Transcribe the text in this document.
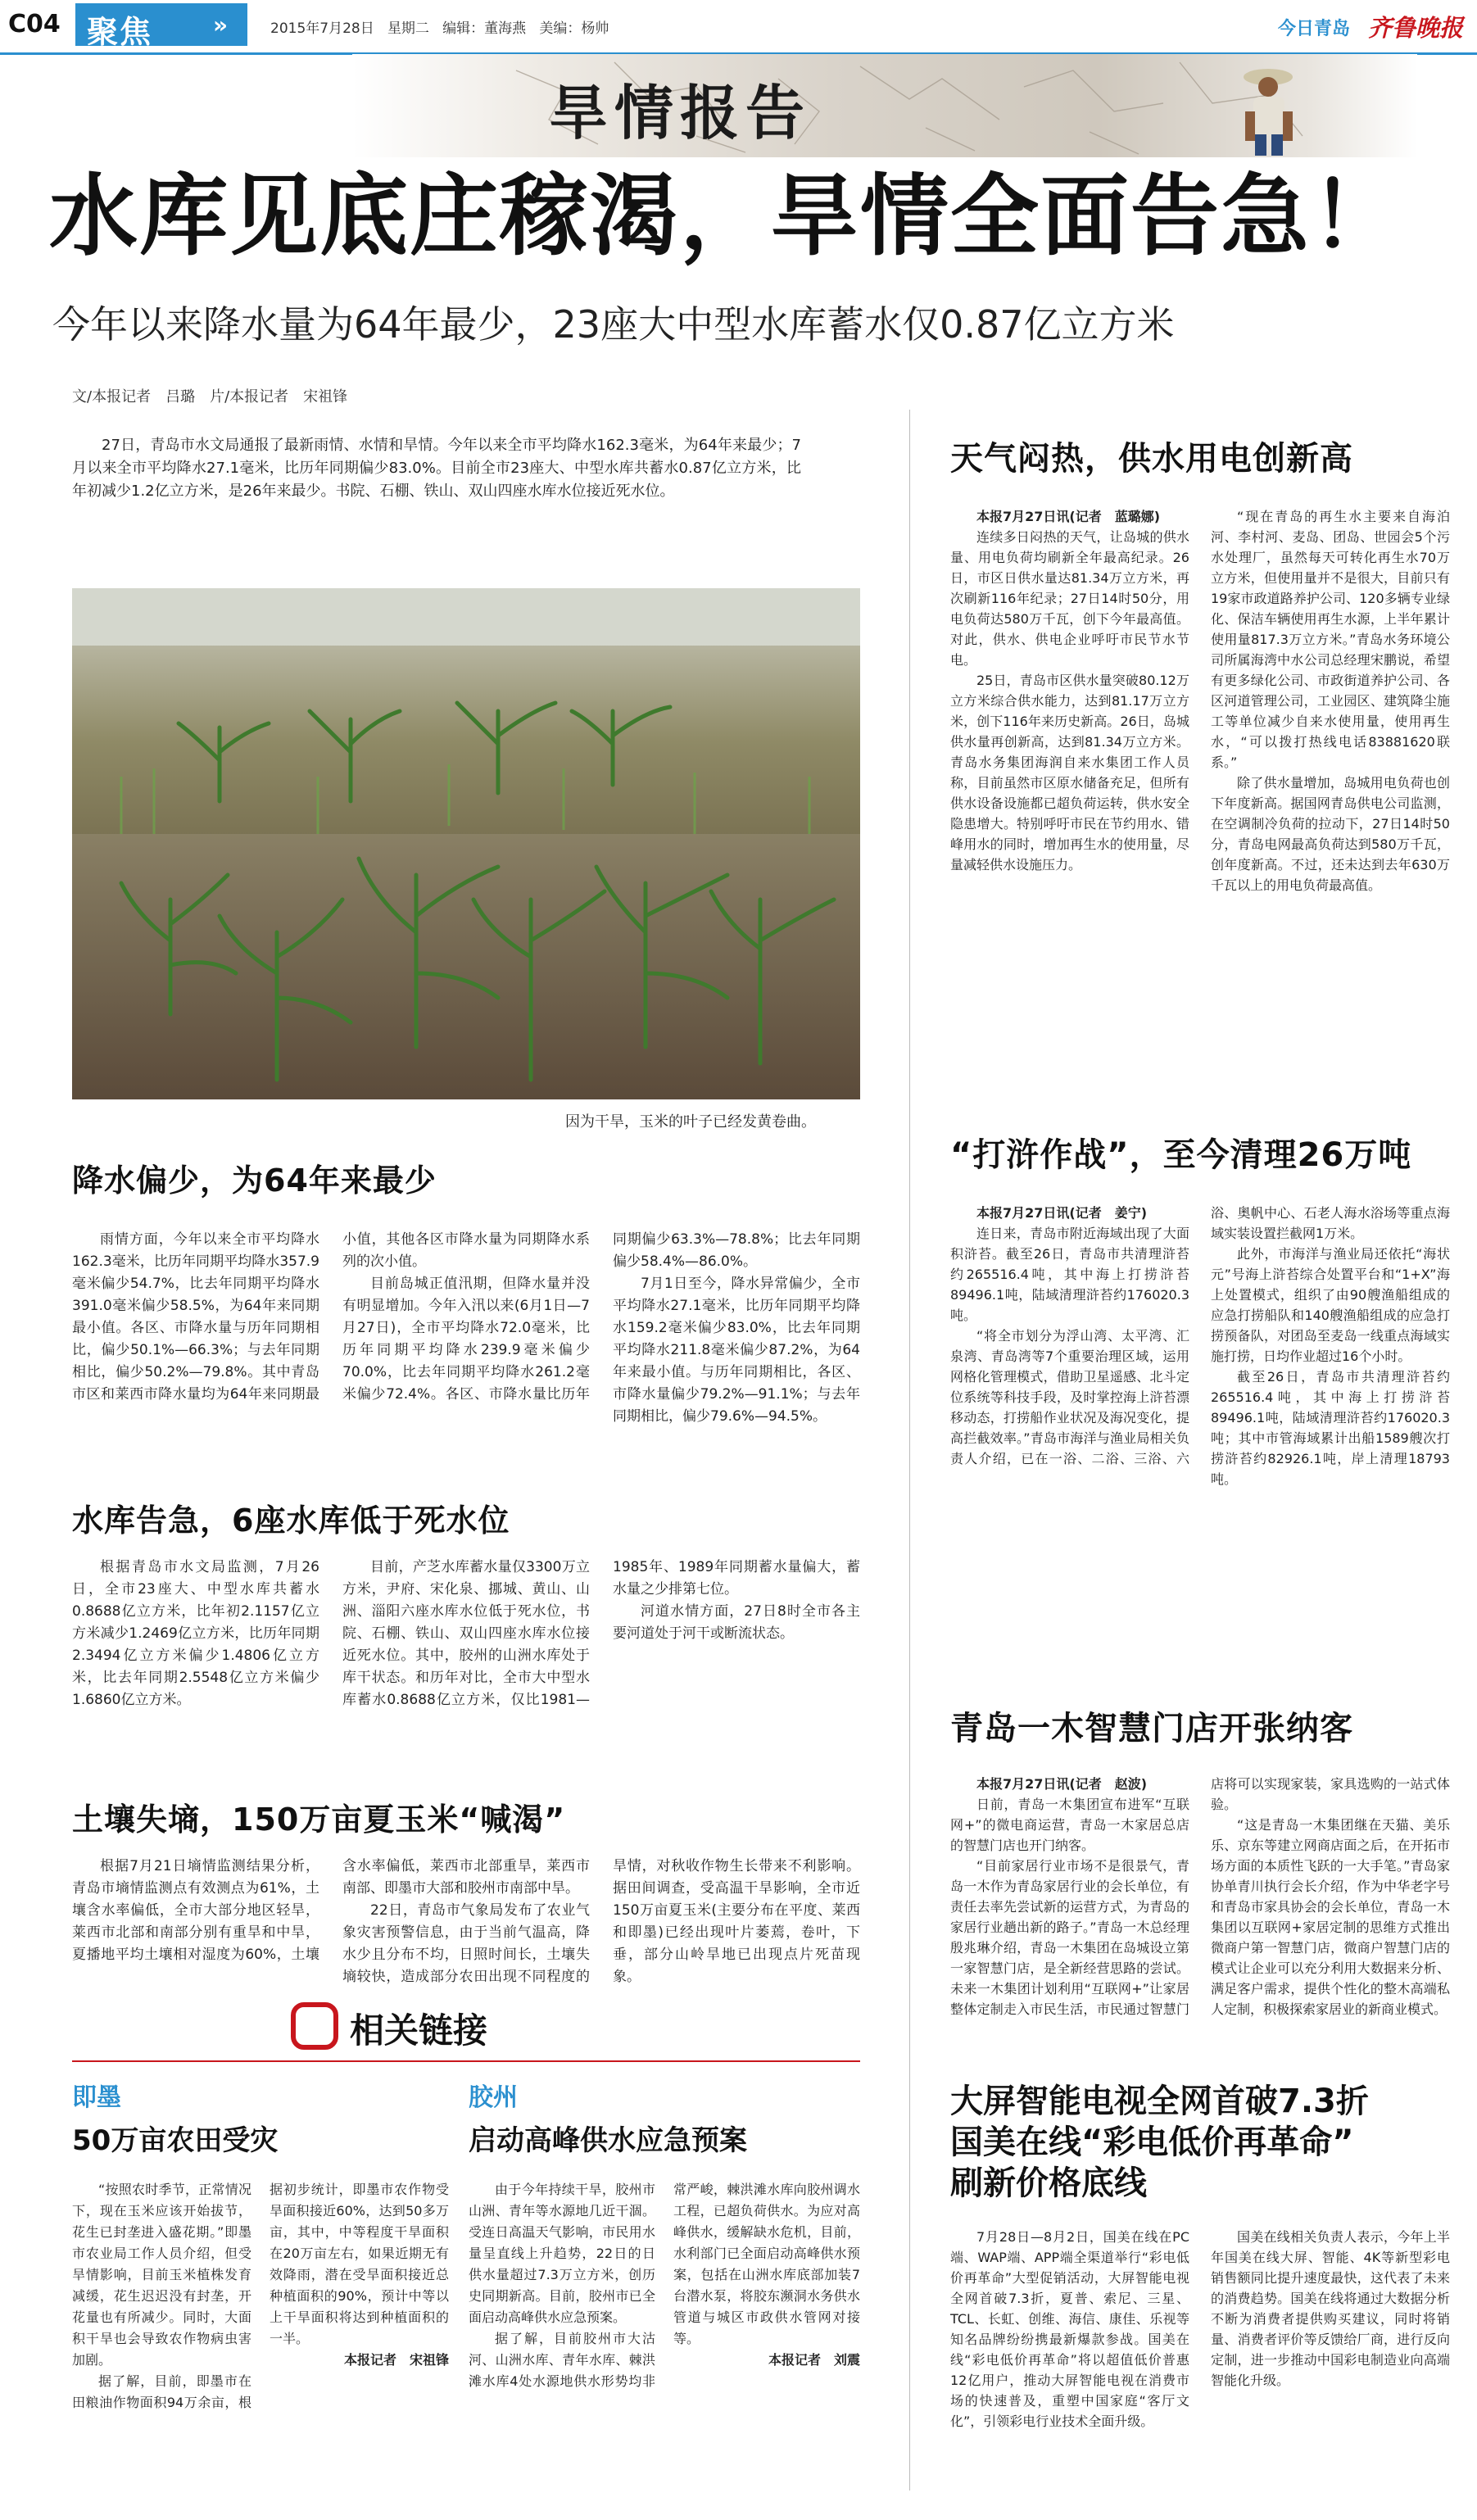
C04 聚焦	»	2015年7月28日 星期二 编辑：董海燕 美编：杨帅	今日青岛 齐鲁晚报
旱情报告
水库见底庄稼渴，旱情全面告急！
今年以来降水量为64年最少，23座大中型水库蓄水仅0.87亿立方米
文/本报记者　吕璐　片/本报记者　宋祖锋

27日，青岛市水文局通报了最新雨情、水情和旱情。今年以来全市平均降水162.3毫米，为64年来最少；7月以来全市平均降水27.1毫米，比历年同期偏少83.0%。目前全市23座大、中型水库共蓄水0.87亿立方米，比年初减少1.2亿立方米，是26年来最少。书院、石棚、铁山、双山四座水库水位接近死水位。

因为干旱，玉米的叶子已经发黄卷曲。
降水偏少，为64年来最少

雨情方面，今年以来全市平均降水162.3毫米，比历年同期平均降水357.9毫米偏少54.7%，比去年同期平均降水391.0毫米偏少58.5%，为64年来同期最小值。各区、市降水量与历年同期相比，偏少50.1%—66.3%；与去年同期相比，偏少50.2%—79.8%。其中青岛市区和莱西市降水量均为64年来同期最小值，其他各区市降水量为同期降水系列的次小值。

目前岛城正值汛期，但降水量并没有明显增加。今年入汛以来(6月1日—7月27日)，全市平均降水72.0毫米，比历年同期平均降水239.9毫米偏少70.0%，比去年同期平均降水261.2毫米偏少72.4%。各区、市降水量比历年同期偏少63.3%—78.8%；比去年同期偏少58.4%—86.0%。

7月1日至今，降水异常偏少，全市平均降水27.1毫米，比历年同期平均降水159.2毫米偏少83.0%，比去年同期平均降水211.8毫米偏少87.2%，为64年来最小值。与历年同期相比，各区、市降水量偏少79.2%—91.1%；与去年同期相比，偏少79.6%—94.5%。

水库告急，6座水库低于死水位

根据青岛市水文局监测，7月26日，全市23座大、中型水库共蓄水0.8688亿立方米，比年初2.1157亿立方米减少1.2469亿立方米，比历年同期2.3494亿立方米偏少1.4806亿立方米，比去年同期2.5548亿立方米偏少1.6860亿立方米。

目前，产芝水库蓄水量仅3300万立方米，尹府、宋化泉、挪城、黄山、山洲、淄阳六座水库水位低于死水位，书院、石棚、铁山、双山四座水库水位接近死水位。其中，胶州的山洲水库处于库干状态。和历年对比，全市大中型水库蓄水0.8688亿立方米，仅比1981—1985年、1989年同期蓄水量偏大，蓄水量之少排第七位。

河道水情方面，27日8时全市各主要河道处于河干或断流状态。

土壤失墒，150万亩夏玉米“喊渴”

根据7月21日墒情监测结果分析，青岛市墒情监测点有效测点为61%，土壤含水率偏低，全市大部分地区轻旱，莱西市北部和南部分别有重旱和中旱，夏播地平均土壤相对湿度为60%，土壤含水率偏低，莱西市北部重旱，莱西市南部、即墨市大部和胶州市南部中旱。

22日，青岛市气象局发布了农业气象灾害预警信息，由于当前气温高，降水少且分布不均，日照时间长，土壤失墒较快，造成部分农田出现不同程度的旱情，对秋收作物生长带来不利影响。据田间调查，受高温干旱影响，全市近150万亩夏玉米(主要分布在平度、莱西和即墨)已经出现叶片萎蔫，卷叶，下垂，部分山岭旱地已出现点片死苗现象。

相关链接
即墨
50万亩农田受灾

“按照农时季节，正常情况下，现在玉米应该开始拔节，花生已封垄进入盛花期。”即墨市农业局工作人员介绍，但受旱情影响，目前玉米植株发育减缓，花生迟迟没有封垄，开花量也有所减少。同时，大面积干旱也会导致农作物病虫害加剧。

据了解，目前，即墨市在田粮油作物面积94万余亩，根据初步统计，即墨市农作物受旱面积接近60%，达到50多万亩，其中，中等程度干旱面积在20万亩左右，如果近期无有效降雨，潜在受旱面积接近总种植面积的90%，预计中等以上干旱面积将达到种植面积的一半。

本报记者　宋祖锋

胶州
启动高峰供水应急预案

由于今年持续干旱，胶州市山洲、青年等水源地几近干涸。受连日高温天气影响，市民用水量呈直线上升趋势，22日的日供水量超过7.3万立方米，创历史同期新高。目前，胶州市已全面启动高峰供水应急预案。

据了解，目前胶州市大沽河、山洲水库、青年水库、棘洪滩水库4处水源地供水形势均非常严峻，棘洪滩水库向胶州调水工程，已超负荷供水。为应对高峰供水，缓解缺水危机，目前，水利部门已全面启动高峰供水预案，包括在山洲水库底部加装7台潜水泵，将胶东濒洞水务供水管道与城区市政供水管网对接等。

本报记者　刘震

天气闷热，供水用电创新高

本报7月27日讯(记者　蓝璐娜)

连续多日闷热的天气，让岛城的供水量、用电负荷均刷新全年最高纪录。26日，市区日供水量达81.34万立方米，再次刷新116年纪录；27日14时50分，用电负荷达580万千瓦，创下今年最高值。对此，供水、供电企业呼吁市民节水节电。

25日，青岛市区供水量突破80.12万立方米综合供水能力，达到81.17万立方米，创下116年来历史新高。26日，岛城供水量再创新高，达到81.34万立方米。青岛水务集团海润自来水集团工作人员称，目前虽然市区原水储备充足，但所有供水设备设施都已超负荷运转，供水安全隐患增大。特别呼吁市民在节约用水、错峰用水的同时，增加再生水的使用量，尽量减轻供水设施压力。

“现在青岛的再生水主要来自海泊河、李村河、麦岛、团岛、世园会5个污水处理厂，虽然每天可转化再生水70万立方米，但使用量并不是很大，目前只有19家市政道路养护公司、120多辆专业绿化、保洁车辆使用再生水源，上半年累计使用量817.3万立方米。”青岛水务环境公司所属海湾中水公司总经理宋鹏说，希望有更多绿化公司、市政街道养护公司、各区河道管理公司，工业园区、建筑降尘施工等单位减少自来水使用量，使用再生水，“可以拨打热线电话83881620联系。”

除了供水量增加，岛城用电负荷也创下年度新高。据国网青岛供电公司监测，在空调制冷负荷的拉动下，27日14时50分，青岛电网最高负荷达到580万千瓦，创年度新高。不过，还未达到去年630万千瓦以上的用电负荷最高值。

“打浒作战”，至今清理26万吨

本报7月27日讯(记者　姜宁)

连日来，青岛市附近海域出现了大面积浒苔。截至26日，青岛市共清理浒苔约265516.4吨，其中海上打捞浒苔89496.1吨，陆域清理浒苔约176020.3吨。

“将全市划分为浮山湾、太平湾、汇泉湾、青岛湾等7个重要治理区域，运用网格化管理模式，借助卫星遥感、北斗定位系统等科技手段，及时掌控海上浒苔漂移动态，打捞船作业状况及海况变化，提高拦截效率。”青岛市海洋与渔业局相关负责人介绍，已在一浴、二浴、三浴、六浴、奥帆中心、石老人海水浴场等重点海域实装设置拦截网1万米。

此外，市海洋与渔业局还依托“海状元”号海上浒苔综合处置平台和“1+X”海上处置模式，组织了由90艘渔船组成的应急打捞船队和140艘渔船组成的应急打捞预备队，对团岛至麦岛一线重点海域实施打捞，日均作业超过16个小时。

截至26日，青岛市共清理浒苔约265516.4吨，其中海上打捞浒苔89496.1吨，陆域清理浒苔约176020.3吨；其中市管海域累计出船1589艘次打捞浒苔约82926.1吨，岸上清理18793吨。

青岛一木智慧门店开张纳客

本报7月27日讯(记者　赵波)

日前，青岛一木集团宣布进军“互联网+”的微电商运营，青岛一木家居总店的智慧门店也开门纳客。

“目前家居行业市场不是很景气，青岛一木作为青岛家居行业的会长单位，有责任去率先尝试新的运营方式，为青岛的家居行业趟出新的路子。”青岛一木总经理殷兆琳介绍，青岛一木集团在岛城设立第一家智慧门店，是全新经营思路的尝试。未来一木集团计划利用“互联网+”让家居整体定制走入市民生活，市民通过智慧门店将可以实现家装，家具选购的一站式体验。

“这是青岛一木集团继在天猫、美乐乐、京东等建立网商店面之后，在开拓市场方面的本质性飞跃的一大手笔。”青岛家协单青川执行会长介绍，作为中华老字号和青岛市家具协会的会长单位，青岛一木集团以互联网+家居定制的思维方式推出微商户第一智慧门店，微商户智慧门店的模式让企业可以充分利用大数据来分析、满足客户需求，提供个性化的整木高端私人定制，积极探索家居业的新商业模式。

大屏智能电视全网首破7.3折
国美在线“彩电低价再革命”
刷新价格底线

7月28日—8月2日，国美在线在PC端、WAP端、APP端全渠道举行“彩电低价再革命”大型促销活动，大屏智能电视全网首破7.3折，夏普、索尼、三星、TCL、长虹、创维、海信、康佳、乐视等知名品牌纷纷携最新爆款参战。国美在线“彩电低价再革命”将以超值低价普惠12亿用户，推动大屏智能电视在消费市场的快速普及，重塑中国家庭“客厅文化”，引领彩电行业技术全面升级。

国美在线相关负责人表示，今年上半年国美在线大屏、智能、4K等新型彩电销售额同比提升速度最快，这代表了未来的消费趋势。国美在线将通过大数据分析不断为消费者提供购买建议，同时将销量、消费者评价等反馈给厂商，进行反向定制，进一步推动中国彩电制造业向高端智能化升级。
